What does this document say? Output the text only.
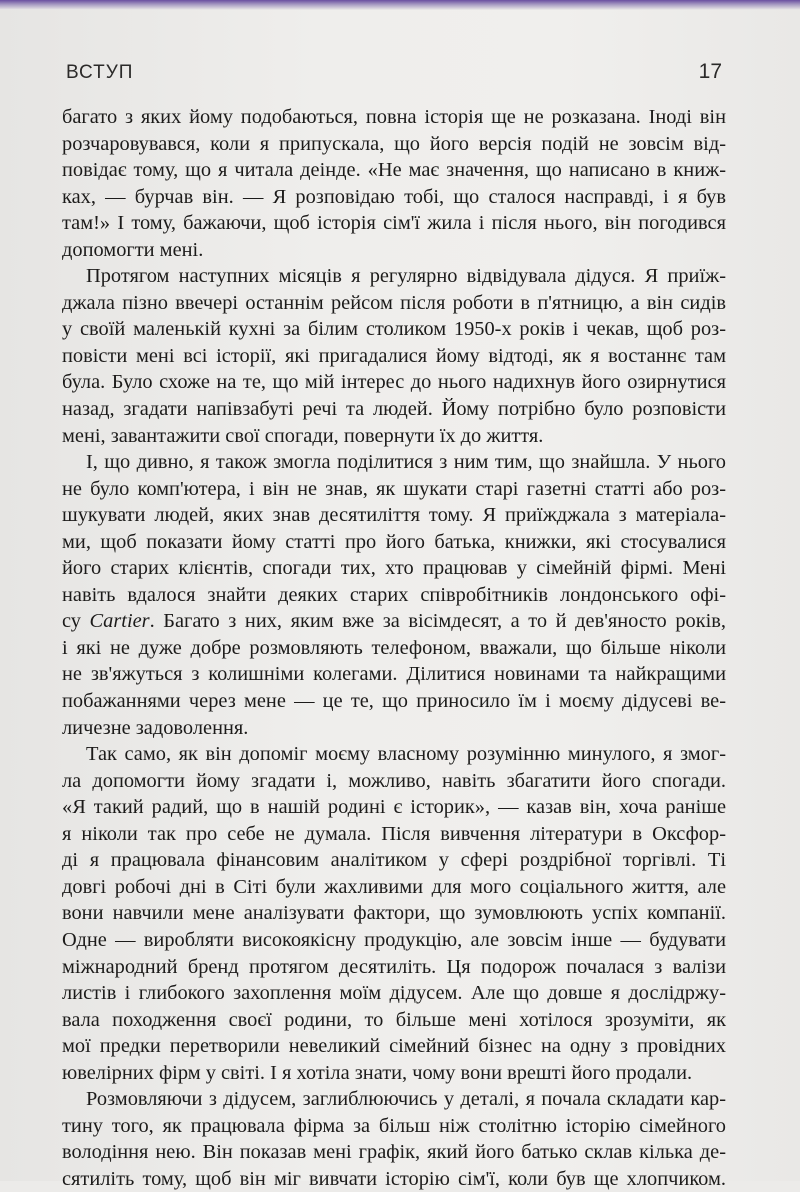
ВСТУП	17
багато з яких йому подобаються, повна історія ще не розказана. Іноді він
розчаровувався, коли я припускала, що його версія подій не зовсім від-
повідає тому, що я читала деінде. «Не має значення, що написано в книж-
ках, — бурчав він. — Я розповідаю тобі, що сталося насправді, і я був
там!» І тому, бажаючи, щоб історія сім'ї жила і після нього, він погодився
допомогти мені.
Протягом наступних місяців я регулярно відвідувала дідуся. Я приїж-
джала пізно ввечері останнім рейсом після роботи в п'ятницю, а він сидів
у своїй маленькій кухні за білим столиком 1950-х років і чекав, щоб роз-
повісти мені всі історії, які пригадалися йому відтоді, як я востаннє там
була. Було схоже на те, що мій інтерес до нього надихнув його озирнутися
назад, згадати напівзабуті речі та людей. Йому потрібно було розповісти
мені, завантажити свої спогади, повернути їх до життя.
І, що дивно, я також змогла поділитися з ним тим, що знайшла. У нього
не було комп'ютера, і він не знав, як шукати старі газетні статті або роз-
шукувати людей, яких знав десятиліття тому. Я приїжджала з матеріала-
ми, щоб показати йому статті про його батька, книжки, які стосувалися
його старих клієнтів, спогади тих, хто працював у сімейній фірмі. Мені
навіть вдалося знайти деяких старих співробітників лондонського офі-
су Cartier. Багато з них, яким вже за вісімдесят, а то й дев'яносто років,
і які не дуже добре розмовляють телефоном, вважали, що більше ніколи
не зв'яжуться з колишніми колегами. Ділитися новинами та найкращими
побажаннями через мене — це те, що приносило їм і моєму дідусеві ве-
личезне задоволення.
Так само, як він допоміг моєму власному розумінню минулого, я змог-
ла допомогти йому згадати і, можливо, навіть збагатити його спогади.
«Я такий радий, що в нашій родині є історик», — казав він, хоча раніше
я ніколи так про себе не думала. Після вивчення літератури в Оксфор-
ді я працювала фінансовим аналітиком у сфері роздрібної торгівлі. Ті
довгі робочі дні в Сіті були жахливими для мого соціального життя, але
вони навчили мене аналізувати фактори, що зумовлюють успіх компанії.
Одне — виробляти високоякісну продукцію, але зовсім інше — будувати
міжнародний бренд протягом десятиліть. Ця подорож почалася з валізи
листів і глибокого захоплення моїм дідусем. Але що довше я дослідржу-
вала походження своєї родини, то більше мені хотілося зрозуміти, як
мої предки перетворили невеликий сімейний бізнес на одну з провідних
ювелірних фірм у світі. І я хотіла знати, чому вони врешті його продали.
Розмовляючи з дідусем, заглиблюючись у деталі, я почала складати кар-
тину того, як працювала фірма за більш ніж столітню історію сімейного
володіння нею. Він показав мені графік, який його батько склав кілька де-
сятиліть тому, щоб він міг вивчати історію сім'ї, коли був ще хлопчиком.
